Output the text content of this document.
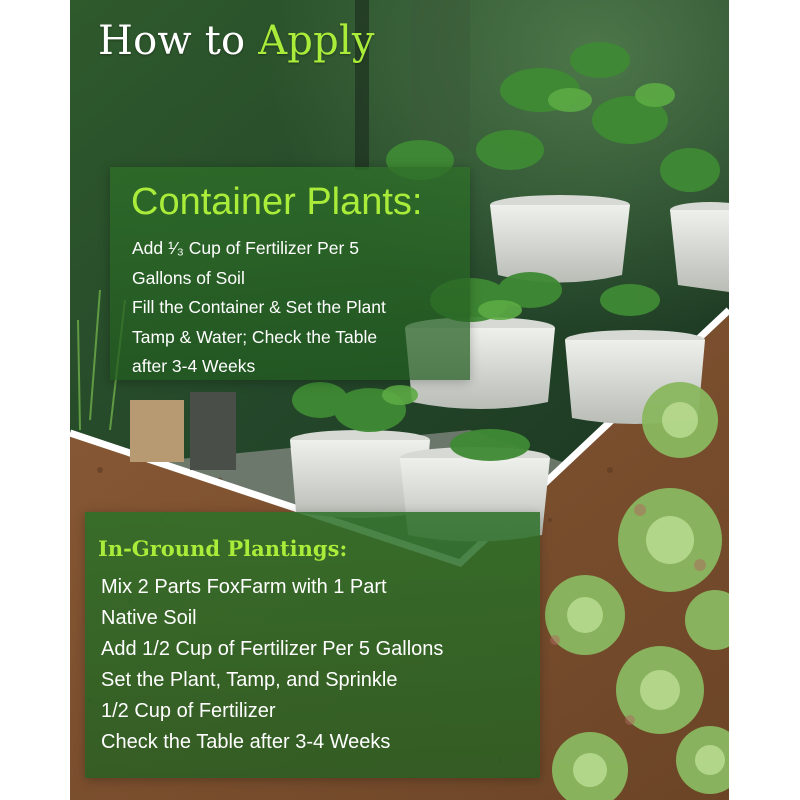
How to Apply
Container Plants:
Add ¹⁄₃ Cup of Fertilizer Per 5
Gallons of Soil
Fill the Container & Set the Plant
Tamp & Water; Check the Table
after 3-4 Weeks
In-Ground Plantings:
Mix 2 Parts FoxFarm with 1 Part
Native Soil
Add 1/2 Cup of Fertilizer Per 5 Gallons
Set the Plant, Tamp, and Sprinkle
1/2 Cup of Fertilizer
Check the Table after 3-4 Weeks
